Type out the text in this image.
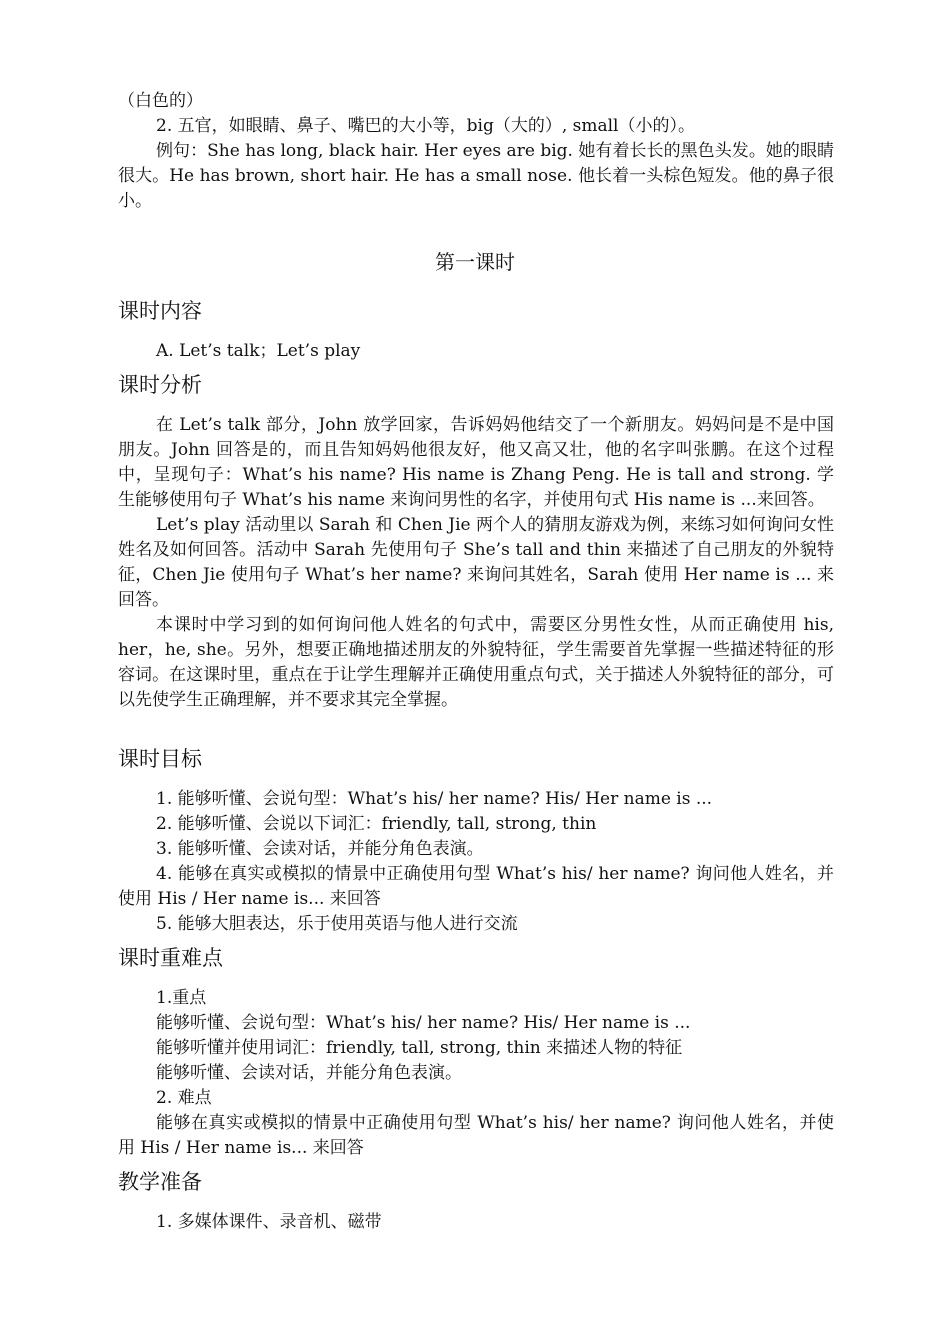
（白色的）

2. 五官，如眼睛、鼻子、嘴巴的大小等，big（大的）, small（小的）。

例句：She has long, black hair. Her eyes are big. 她有着长长的黑色头发。她的眼睛很大。He has brown, short hair. He has a small nose. 他长着一头棕色短发。他的鼻子很小。

第一课时
课时内容

A. Let’s talk；Let’s play

课时分析

在 Let’s talk 部分，John 放学回家，告诉妈妈他结交了一个新朋友。妈妈问是不是中国朋友。John 回答是的，而且告知妈妈他很友好，他又高又壮，他的名字叫张鹏。在这个过程中，呈现句子：What’s his name? His name is Zhang Peng. He is tall and strong. 学生能够使用句子 What’s his name 来询问男性的名字，并使用句式 His name is ...来回答。

Let’s play 活动里以 Sarah 和 Chen Jie 两个人的猜朋友游戏为例，来练习如何询问女性姓名及如何回答。活动中 Sarah 先使用句子 She’s tall and thin 来描述了自己朋友的外貌特征，Chen Jie 使用句子 What’s her name? 来询问其姓名，Sarah 使用 Her name is ... 来回答。

本课时中学习到的如何询问他人姓名的句式中，需要区分男性女性，从而正确使用 his, her，he, she。另外，想要正确地描述朋友的外貌特征，学生需要首先掌握一些描述特征的形容词。在这课时里，重点在于让学生理解并正确使用重点句式，关于描述人外貌特征的部分，可以先使学生正确理解，并不要求其完全掌握。

课时目标

1. 能够听懂、会说句型：What’s his/ her name? His/ Her name is ...

2. 能够听懂、会说以下词汇：friendly, tall, strong, thin

3. 能够听懂、会读对话，并能分角色表演。

4. 能够在真实或模拟的情景中正确使用句型 What’s his/ her name? 询问他人姓名，并使用 His / Her name is... 来回答

5. 能够大胆表达，乐于使用英语与他人进行交流

课时重难点

1.重点

能够听懂、会说句型：What’s his/ her name? His/ Her name is ...

能够听懂并使用词汇：friendly, tall, strong, thin 来描述人物的特征

能够听懂、会读对话，并能分角色表演。

2. 难点

能够在真实或模拟的情景中正确使用句型 What’s his/ her name? 询问他人姓名，并使用 His / Her name is... 来回答

教学准备

1. 多媒体课件、录音机、磁带
